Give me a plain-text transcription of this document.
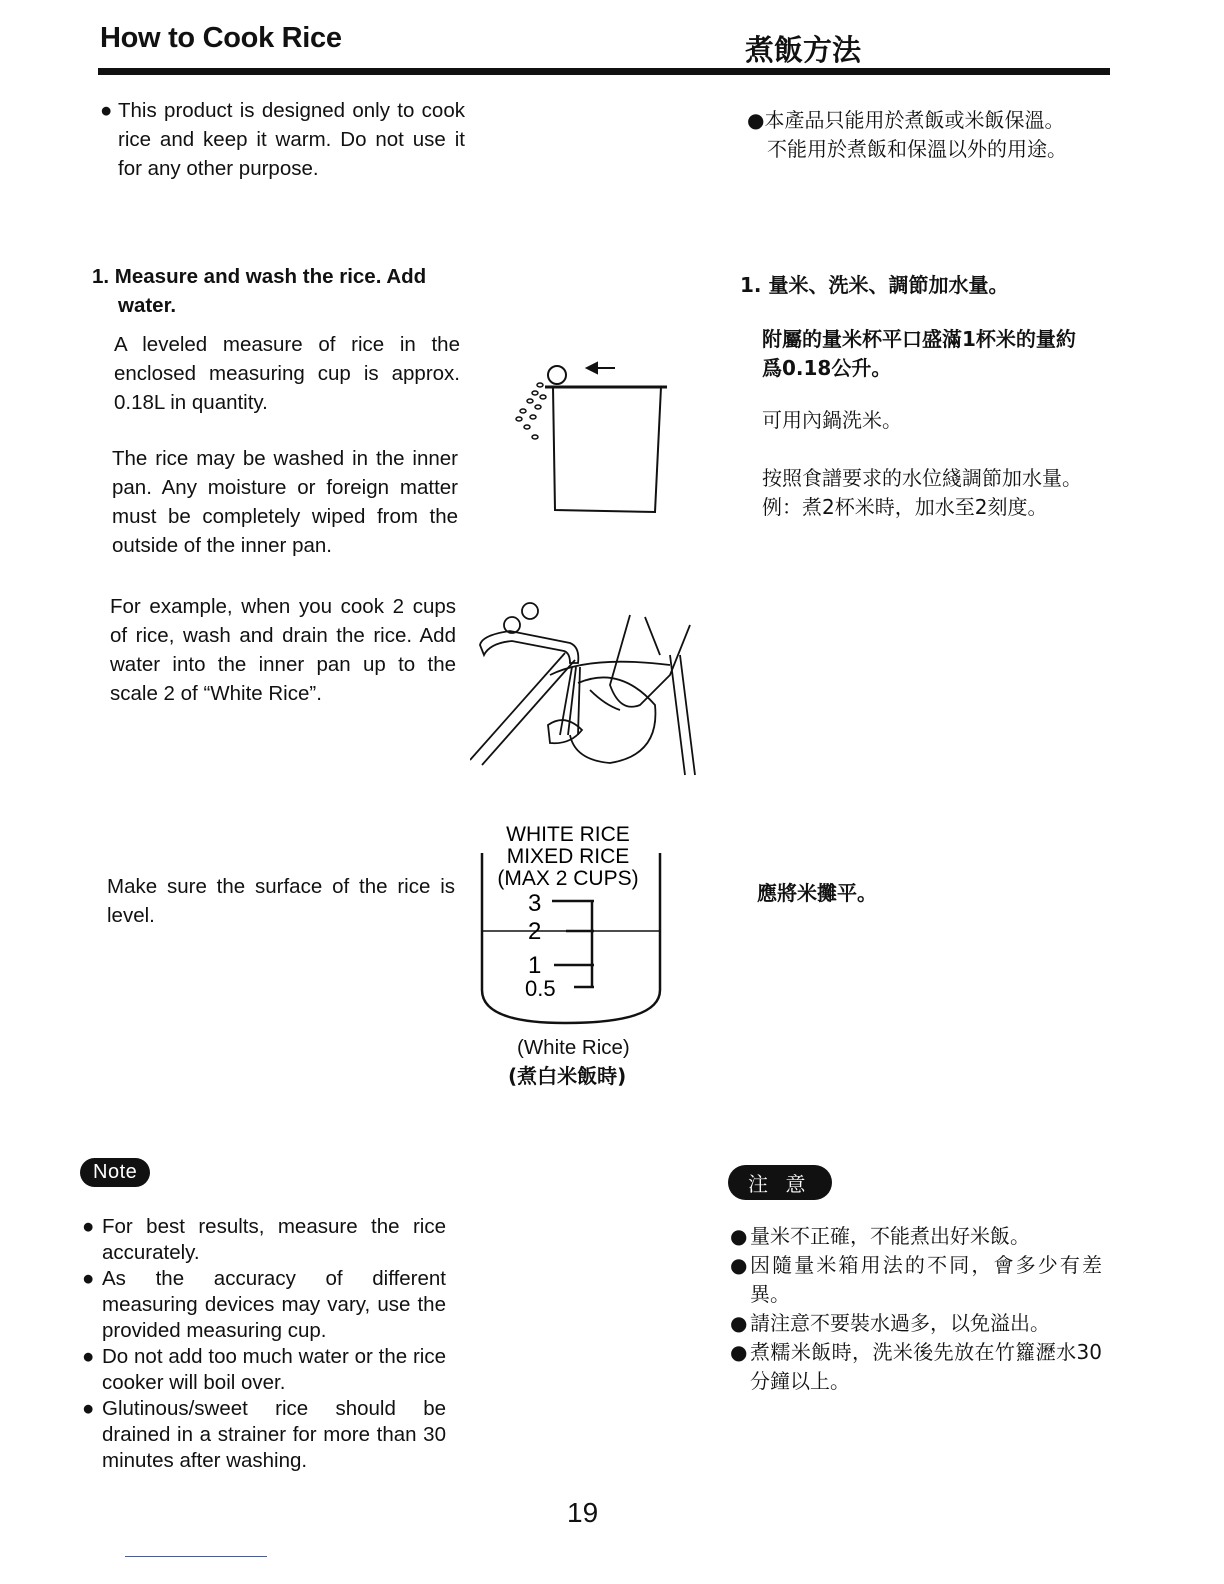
How to Cook Rice	煮飯方法
● This product is designed only to cook rice and keep it warm. Do not use it for any other purpose.
●本產品只能用於煮飯或米飯保溫。
不能用於煮飯和保溫以外的用途。
1. Measure and wash the rice. Add water.
1. 量米、洗米、調節加水量。
A leveled measure of rice in the enclosed measuring cup is approx. 0.18L in quantity.
The rice may be washed in the inner pan. Any moisture or foreign matter must be completely wiped from the outside of the inner pan.
For example, when you cook 2 cups of rice, wash and drain the rice. Add water into the inner pan up to the scale 2 of “White Rice”.
附屬的量米杯平口盛滿1杯米的量約
爲0.18公升。
可用內鍋洗米。
按照食譜要求的水位綫調節加水量。
例：煮2杯米時，加水至2刻度。
Make sure the surface of the rice is level.
應將米攤平。
WHITE RICE
MIXED RICE
(MAX 2 CUPS)
3
2
1
0.5
(White Rice)
(煮白米飯時)
Note
● For best results, measure the rice accurately.
● As the accuracy of different measuring devices may vary, use the provided measuring cup.
● Do not add too much water or the rice cooker will boil over.
● Glutinous/sweet rice should be drained in a strainer for more than 30 minutes after washing.
注 意
● 量米不正確，不能煮出好米飯。
● 因隨量米箱用法的不同，會多少有差異。
● 請注意不要裝水過多，以免溢出。
● 煮糯米飯時，洗米後先放在竹籮瀝水30分鐘以上。
19
